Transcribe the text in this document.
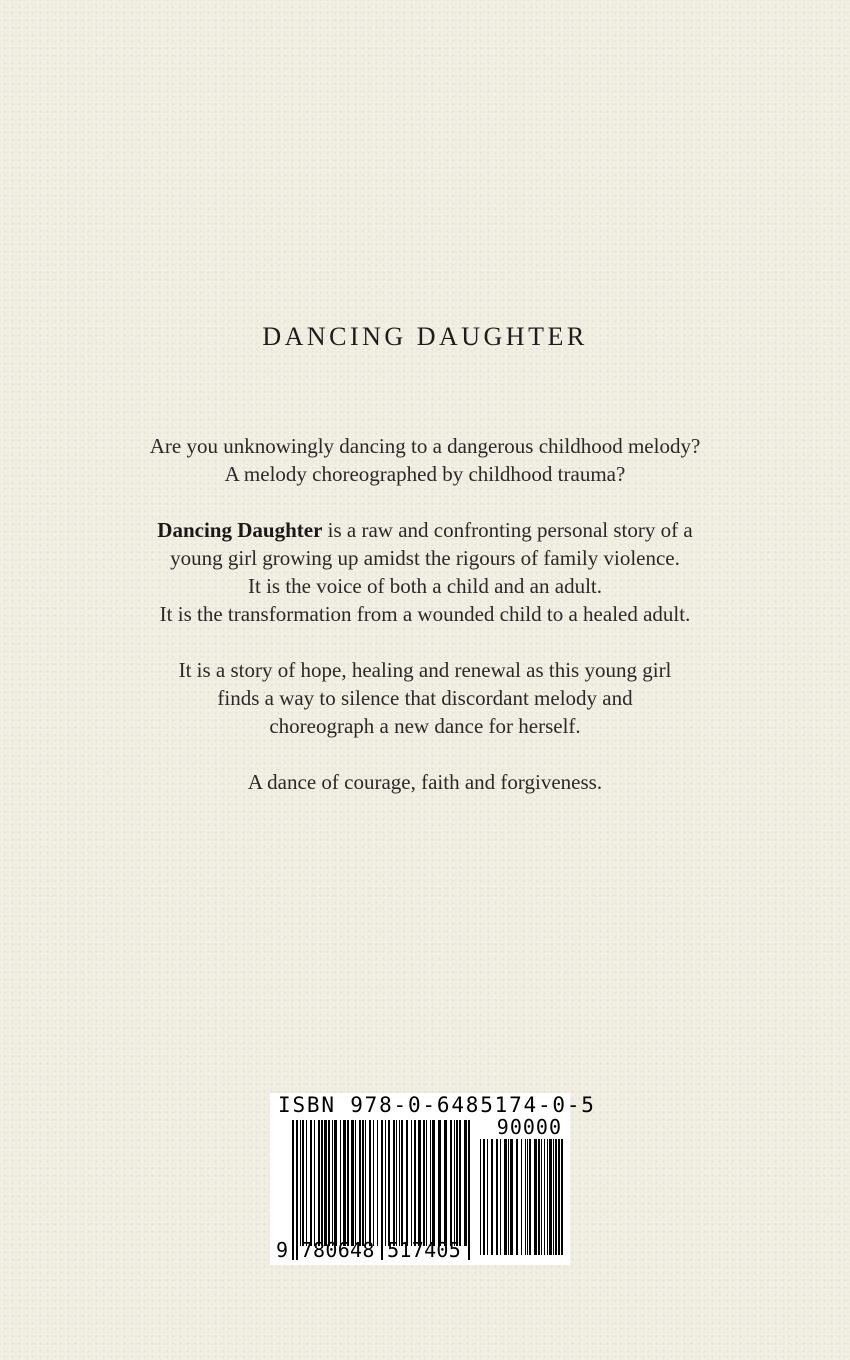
DANCING DAUGHTER

Are you unknowingly dancing to a dangerous childhood melody?
A melody choreographed by childhood trauma?

Dancing Daughter is a raw and confronting personal story of a
young girl growing up amidst the rigours of family violence.
It is the voice of both a child and an adult.
It is the transformation from a wounded child to a healed adult.

It is a story of hope, healing and renewal as this young girl
finds a way to silence that discordant melody and
choreograph a new dance for herself.

A dance of courage, faith and forgiveness.

ISBN 978-0-6485174-0-5
90000
9 780648 517405
